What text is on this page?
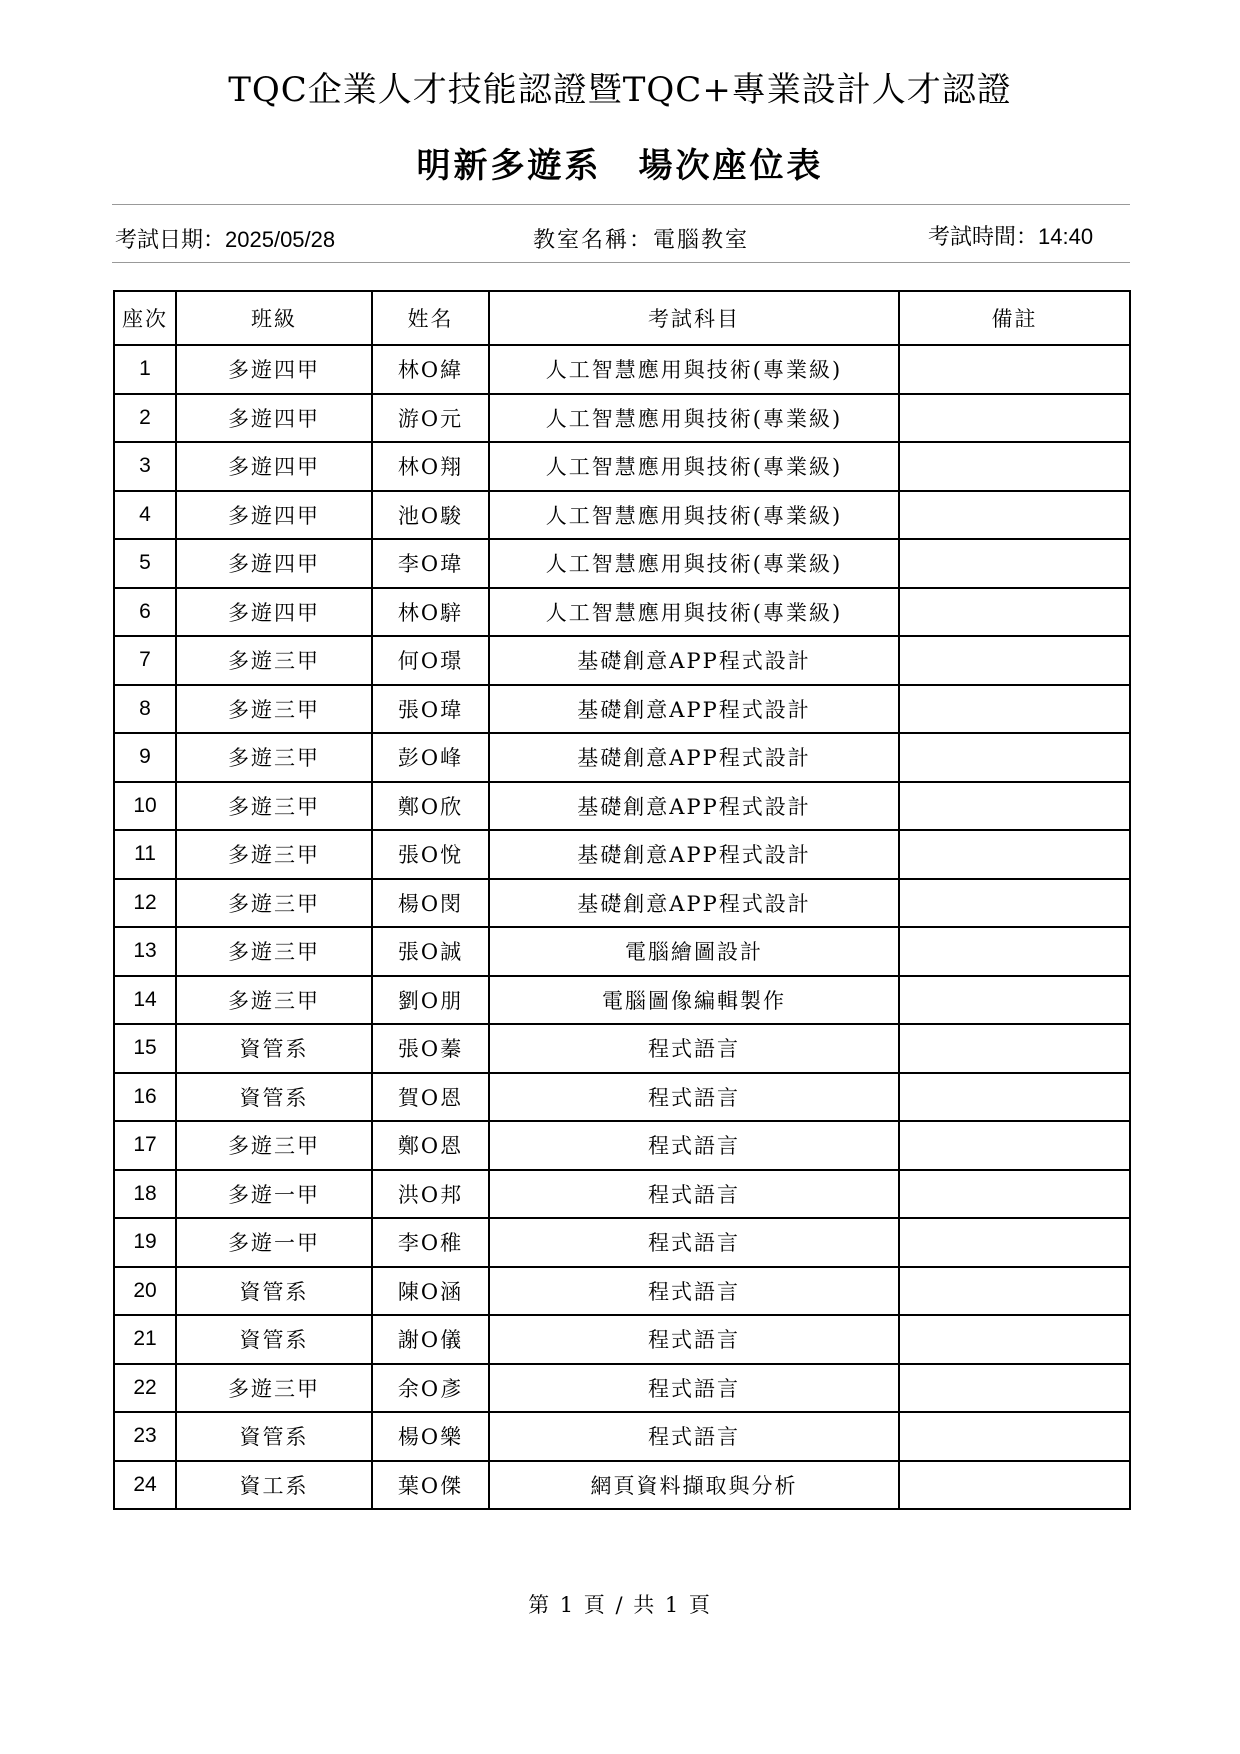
TQC企業人才技能認證暨TQC+專業設計人才認證
明新多遊系　場次座位表
考試日期：2025/05/28	教室名稱：電腦教室	考試時間：14:40
座次	班級	姓名	考試科目	備註
1	多遊四甲	林O緯	人工智慧應用與技術(專業級)	
2	多遊四甲	游O元	人工智慧應用與技術(專業級)	
3	多遊四甲	林O翔	人工智慧應用與技術(專業級)	
4	多遊四甲	池O駿	人工智慧應用與技術(專業級)	
5	多遊四甲	李O瑋	人工智慧應用與技術(專業級)	
6	多遊四甲	林O騂	人工智慧應用與技術(專業級)	
7	多遊三甲	何O璟	基礎創意APP程式設計	
8	多遊三甲	張O瑋	基礎創意APP程式設計	
9	多遊三甲	彭O峰	基礎創意APP程式設計	
10	多遊三甲	鄭O欣	基礎創意APP程式設計	
11	多遊三甲	張O悅	基礎創意APP程式設計	
12	多遊三甲	楊O閔	基礎創意APP程式設計	
13	多遊三甲	張O誠	電腦繪圖設計	
14	多遊三甲	劉O朋	電腦圖像編輯製作	
15	資管系	張O蓁	程式語言	
16	資管系	賀O恩	程式語言	
17	多遊三甲	鄭O恩	程式語言	
18	多遊一甲	洪O邦	程式語言	
19	多遊一甲	李O稚	程式語言	
20	資管系	陳O涵	程式語言	
21	資管系	謝O儀	程式語言	
22	多遊三甲	余O彥	程式語言	
23	資管系	楊O樂	程式語言	
24	資工系	葉O傑	網頁資料擷取與分析	
第 1 頁 / 共 1 頁
